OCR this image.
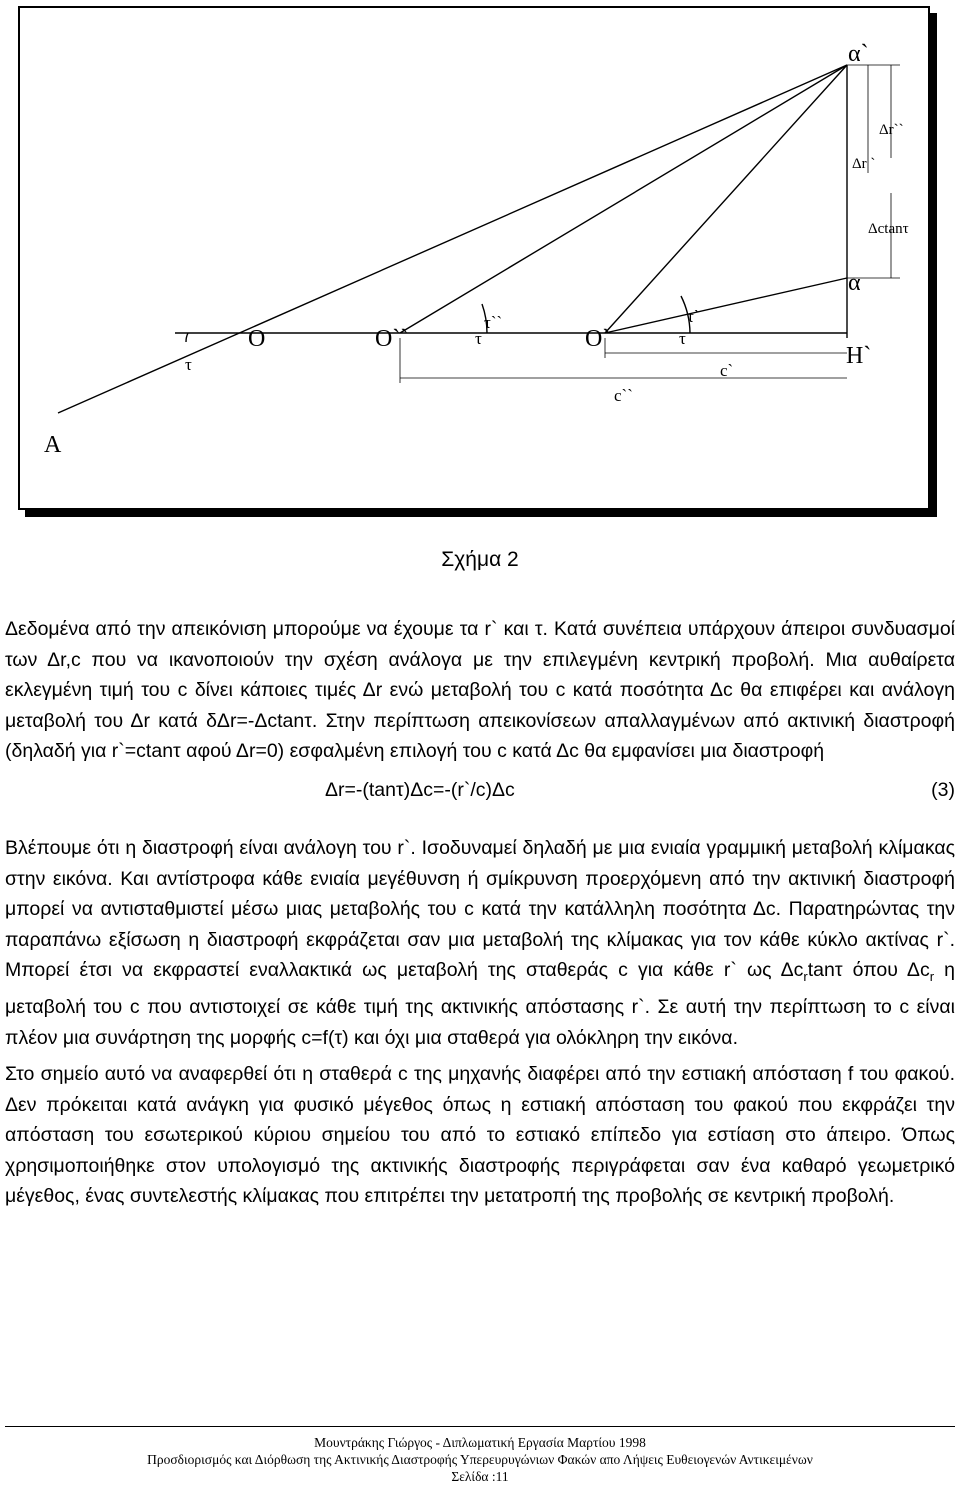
A
O	O``	O`
H`
α
α`
τ
τ
τ``
τ
τ`
c`
c``
Δr``
Δr `
Δctanτ
Σχήμα 2

Δεδομένα από την απεικόνιση μπορούμε να έχουμε τα r` και τ. Κατά συνέπεια υπάρχουν άπειροι συνδυασμοί των Δr,c που να ικανοποιούν την σχέση ανάλογα με την επιλεγμένη κεντρική προβολή. Μια αυθαίρετα εκλεγμένη τιμή του c δίνει κάποιες τιμές Δr ενώ μεταβολή του c κατά ποσότητα Δc θα επιφέρει και ανάλογη μεταβολή του Δr κατά δΔr=-Δctanτ. Στην περίπτωση απεικονίσεων απαλλαγμένων από ακτινική διαστροφή (δηλαδή για r`=ctanτ αφού Δr=0) εσφαλμένη επιλογή του c κατά Δc θα εμφανίσει μια διαστροφή

Δr=-(tanτ)Δc=-(r`/c)Δc	(3)

Βλέπουμε ότι η διαστροφή είναι ανάλογη του r`. Ισοδυναμεί δηλαδή με μια ενιαία γραμμική μεταβολή κλίμακας στην εικόνα. Και αντίστροφα κάθε ενιαία μεγέθυνση ή σμίκρυνση προερχόμενη από την ακτινική διαστροφή μπορεί να αντισταθμιστεί μέσω μιας μεταβολής του c κατά την κατάλληλη ποσότητα Δc. Παρατηρώντας την παραπάνω εξίσωση η διαστροφή εκφράζεται σαν μια μεταβολή της κλίμακας για τον κάθε κύκλο ακτίνας r`. Μπορεί έτσι να εκφραστεί εναλλακτικά ως μεταβολή της σταθεράς c για κάθε r` ως $\Delta c_r\tan\tau$ όπου $\Delta c_r$ η μεταβολή του c που αντιστοιχεί σε κάθε τιμή της ακτινικής απόστασης r`. Σε αυτή την περίπτωση το c είναι πλέον μια συνάρτηση της μορφής c=f(τ) και όχι μια σταθερά για ολόκληρη την εικόνα.

Στο σημείο αυτό να αναφερθεί ότι η σταθερά c της μηχανής διαφέρει από την εστιακή απόσταση f του φακού. Δεν πρόκειται κατά ανάγκη για φυσικό μέγεθος όπως η εστιακή απόσταση του φακού που εκφράζει την απόσταση του εσωτερικού κύριου σημείου του από το εστιακό επίπεδο για εστίαση στο άπειρο. Όπως χρησιμοποιήθηκε στον υπολογισμό της ακτινικής διαστροφής περιγράφεται σαν ένα καθαρό γεωμετρικό μέγεθος, ένας συντελεστής κλίμακας που επιτρέπει την μετατροπή της προβολής σε κεντρική προβολή.

Μουντράκης Γιώργος - Διπλωματική Εργασία Μαρτίου 1998
Προσδιορισμός και Διόρθωση της Ακτινικής Διαστροφής Υπερευρυγώνιων Φακών απο Λήψεις Ευθειογενών Αντικειμένων
Σελίδα :11
